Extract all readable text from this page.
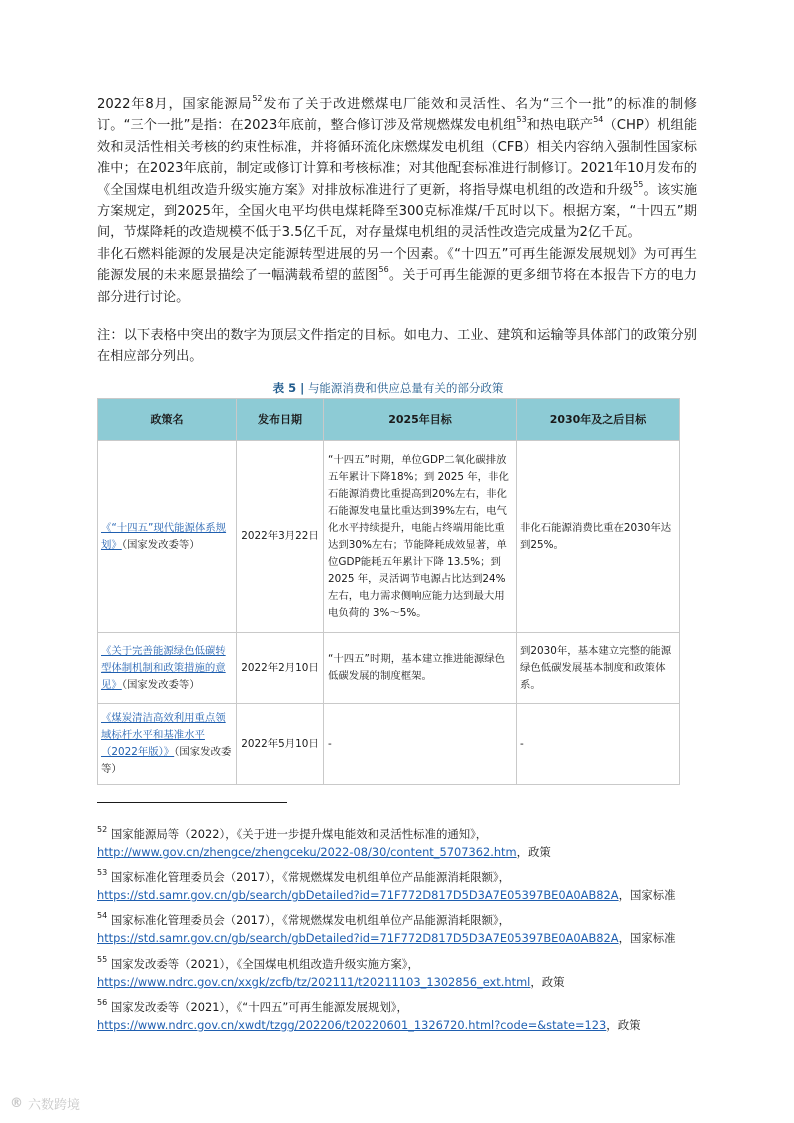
2022年8月，国家能源局$^{52}$发布了关于改进燃煤电厂能效和灵活性、名为“三个一批”的标准的制修订。“三个一批”是指：在2023年底前，整合修订涉及常规燃煤发电机组$^{53}$和热电联产$^{54}$（CHP）机组能效和灵活性相关考核的约束性标准，并将循环流化床燃煤发电机组（CFB）相关内容纳入强制性国家标准中；在2023年底前，制定或修订计算和考核标准；对其他配套标准进行制修订。2021年10月发布的《全国煤电机组改造升级实施方案》对排放标准进行了更新，将指导煤电机组的改造和升级$^{55}$。该实施方案规定，到2025年，全国火电平均供电煤耗降至300克标准煤/千瓦时以下。根据方案，“十四五”期间，节煤降耗的改造规模不低于3.5亿千瓦，对存量煤电机组的灵活性改造完成量为2亿千瓦。

非化石燃料能源的发展是决定能源转型进展的另一个因素。《“十四五”可再生能源发展规划》为可再生能源发展的未来愿景描绘了一幅满载希望的蓝图$^{56}$。关于可再生能源的更多细节将在本报告下方的电力部分进行讨论。

注：以下表格中突出的数字为顶层文件指定的目标。如电力、工业、建筑和运输等具体部门的政策分别在相应部分列出。

表 5 | 与能源消费和供应总量有关的部分政策
政策名	发布日期	2025年目标	2030年及之后目标
《“十四五”现代能源体系规划》（国家发改委等）	2022年3月22日	“十四五”时期，单位GDP二氧化碳排放五年累计下降18%；到 2025 年，非化石能源消费比重提高到20%左右，非化石能源发电量比重达到39%左右，电气化水平持续提升，电能占终端用能比重达到30%左右；节能降耗成效显著，单位GDP能耗五年累计下降 13.5%；到 2025 年，灵活调节电源占比达到24%左右，电力需求侧响应能力达到最大用电负荷的 3%～5%。	非化石能源消费比重在2030年达到25%。
《关于完善能源绿色低碳转型体制机制和政策措施的意见》（国家发改委等）	2022年2月10日	“十四五”时期，基本建立推进能源绿色低碳发展的制度框架。	到2030年，基本建立完整的能源绿色低碳发展基本制度和政策体系。
《煤炭清洁高效利用重点领域标杆水平和基准水平（2022年版）》（国家发改委等）	2022年5月10日	-	-

$^{52}$ 国家能源局等（2022），《关于进一步提升煤电能效和灵活性标准的通知》，
http://www.gov.cn/zhengce/zhengceku/2022-08/30/content_5707362.htm，政策

$^{53}$ 国家标准化管理委员会（2017），《常规燃煤发电机组单位产品能源消耗限额》，
https://std.samr.gov.cn/gb/search/gbDetailed?id=71F772D817D5D3A7E05397BE0A0AB82A，国家标准

$^{54}$ 国家标准化管理委员会（2017），《常规燃煤发电机组单位产品能源消耗限额》，
https://std.samr.gov.cn/gb/search/gbDetailed?id=71F772D817D5D3A7E05397BE0A0AB82A，国家标准

$^{55}$ 国家发改委等（2021），《全国煤电机组改造升级实施方案》，
https://www.ndrc.gov.cn/xxgk/zcfb/tz/202111/t20211103_1302856_ext.html，政策

$^{56}$ 国家发改委等（2021），《“十四五”可再生能源发展规划》，
https://www.ndrc.gov.cn/xwdt/tzgg/202206/t20220601_1326720.html?code=&state=123，政策

® 六数跨境
